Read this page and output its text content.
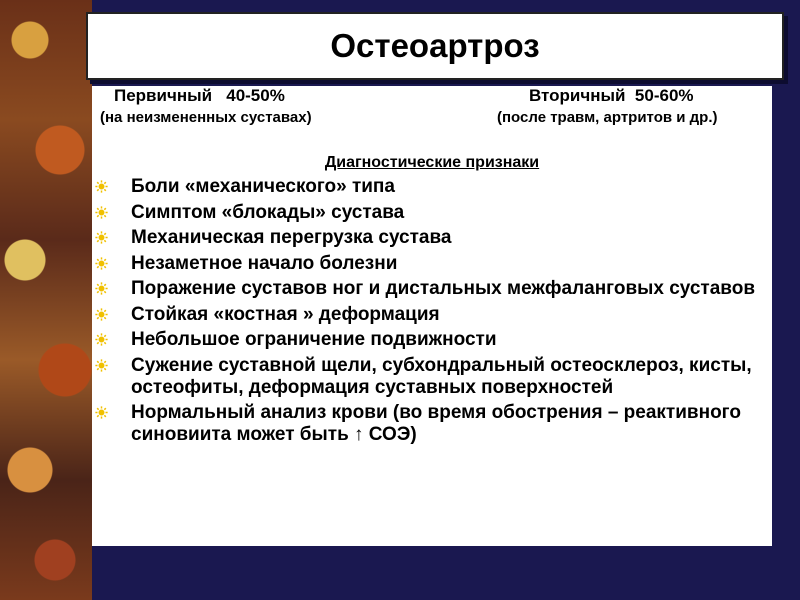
Остеоартроз
Первичный   40-50%	Вторичный  50-60%
(на неизмененных суставах)	(после травм, артритов и др.)
Диагностические признаки
Боли «механического» типа
Симптом «блокады» сустава
Механическая перегрузка сустава
Незаметное начало болезни
Поражение суставов ног и дистальных межфаланговых суставов
Стойкая «костная » деформация
Небольшое ограничение подвижности
Сужение суставной щели, субхондральный остеосклероз, кисты, остеофиты, деформация суставных поверхностей
Нормальный анализ крови (во время обострения – реактивного синовиита может быть ↑ СОЭ)
